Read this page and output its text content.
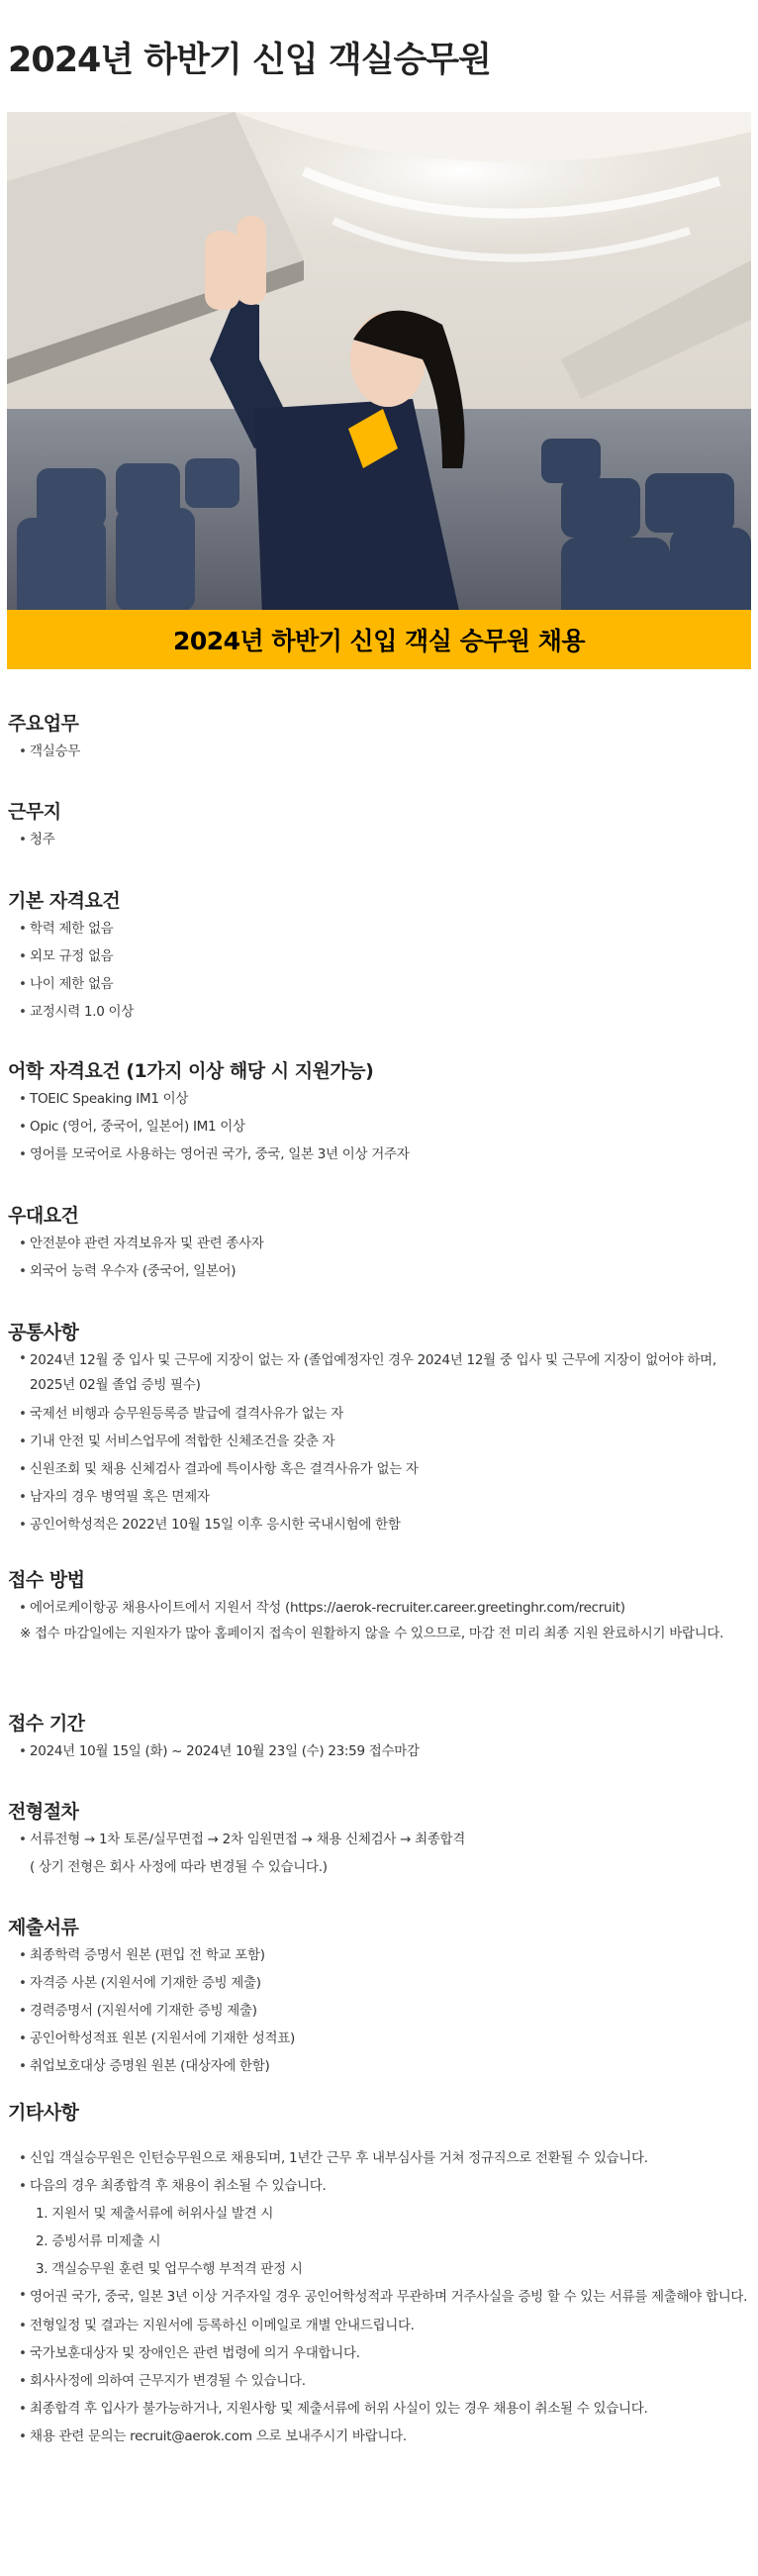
2024년 하반기 신입 객실승무원
2024년 하반기 신입 객실 승무원 채용
주요업무
• 객실승무
근무지
• 청주
기본 자격요건
• 학력 제한 없음
• 외모 규정 없음
• 나이 제한 없음
• 교정시력 1.0 이상
어학 자격요건 (1가지 이상 해당 시 지원가능)
• TOEIC Speaking IM1 이상
• Opic (영어, 중국어, 일본어) IM1 이상
• 영어를 모국어로 사용하는 영어권 국가, 중국, 일본 3년 이상 거주자
우대요건
• 안전분야 관련 자격보유자 및 관련 종사자
• 외국어 능력 우수자 (중국어, 일본어)
공통사항
• 2024년 12월 중 입사 및 근무에 지장이 없는 자 (졸업예정자인 경우 2024년 12월 중 입사 및 근무에 지장이 없어야 하며, 2025년 02월 졸업 증빙 필수)
• 국제선 비행과 승무원등록증 발급에 결격사유가 없는 자
• 기내 안전 및 서비스업무에 적합한 신체조건을 갖춘 자
• 신원조회 및 채용 신체검사 결과에 특이사항 혹은 결격사유가 없는 자
• 남자의 경우 병역필 혹은 면제자
• 공인어학성적은 2022년 10월 15일 이후 응시한 국내시험에 한함
접수 방법
• 에어로케이항공 채용사이트에서 지원서 작성 (https://aerok-recruiter.career.greetinghr.com/recruit)
※ 접수 마감일에는 지원자가 많아 홈페이지 접속이 원활하지 않을 수 있으므로, 마감 전 미리 최종 지원 완료하시기 바랍니다.
접수 기간
• 2024년 10월 15일 (화) ~ 2024년 10월 23일 (수) 23:59 접수마감
전형절차
• 서류전형 → 1차 토론/실무면접 → 2차 임원면접 → 채용 신체검사 → 최종합격
( 상기 전형은 회사 사정에 따라 변경될 수 있습니다.)
제출서류
• 최종학력 증명서 원본 (편입 전 학교 포함)
• 자격증 사본 (지원서에 기재한 증빙 제출)
• 경력증명서 (지원서에 기재한 증빙 제출)
• 공인어학성적표 원본 (지원서에 기재한 성적표)
• 취업보호대상 증명원 원본 (대상자에 한함)
기타사항
• 신입 객실승무원은 인턴승무원으로 채용되며, 1년간 근무 후 내부심사를 거쳐 정규직으로 전환될 수 있습니다.
• 다음의 경우 최종합격 후 채용이 취소될 수 있습니다.
1. 지원서 및 제출서류에 허위사실 발견 시
2. 증빙서류 미제출 시
3. 객실승무원 훈련 및 업무수행 부적격 판정 시
• 영어권 국가, 중국, 일본 3년 이상 거주자일 경우 공인어학성적과 무관하며 거주사실을 증빙 할 수 있는 서류를 제출해야 합니다.
• 전형일정 및 결과는 지원서에 등록하신 이메일로 개별 안내드립니다.
• 국가보훈대상자 및 장애인은 관련 법령에 의거 우대합니다.
• 회사사정에 의하여 근무지가 변경될 수 있습니다.
• 최종합격 후 입사가 불가능하거나, 지원사항 및 제출서류에 허위 사실이 있는 경우 채용이 취소될 수 있습니다.
• 채용 관련 문의는 recruit@aerok.com 으로 보내주시기 바랍니다.
